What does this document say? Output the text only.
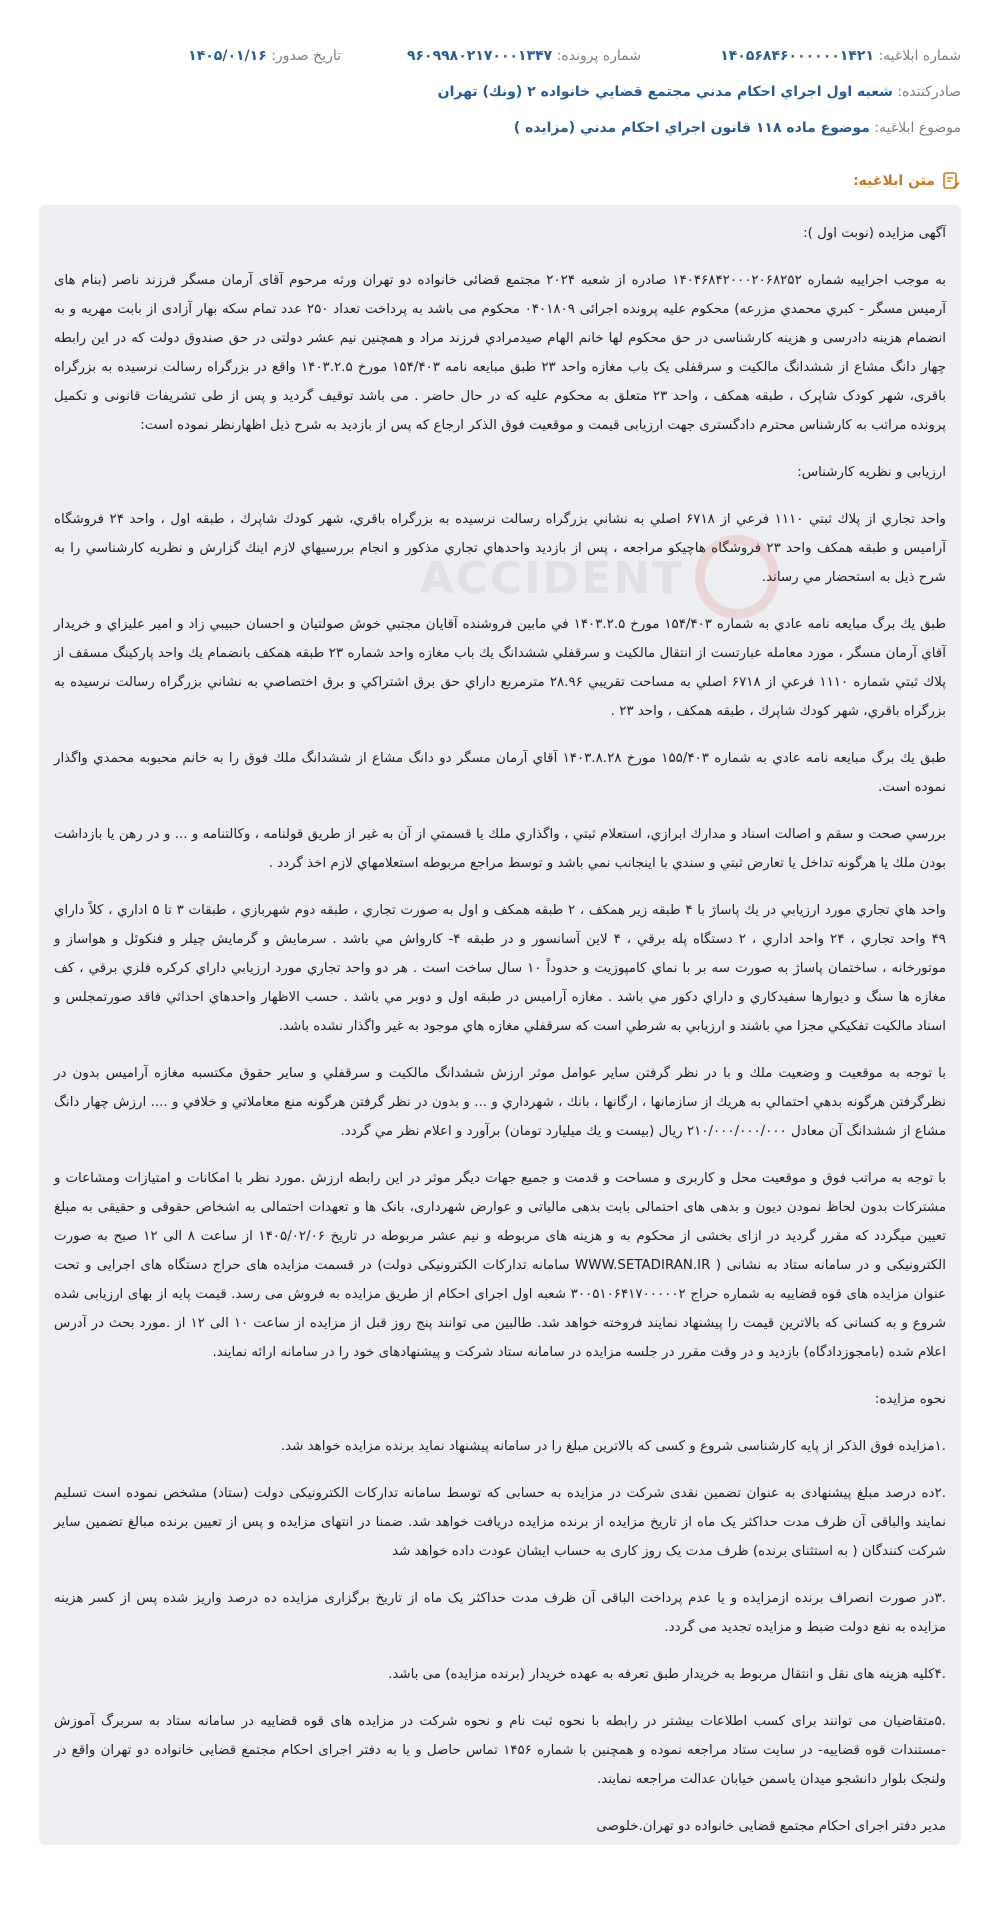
شماره ابلاغیه: ۱۴۰۵۶۸۴۶۰۰۰۰۰۰۱۴۲۱
شماره پرونده: ۹۶۰۹۹۸۰۲۱۷۰۰۰۱۳۴۷
تاریخ صدور: ۱۴۰۵/۰۱/۱۶
صادرکننده: شعبه اول اجراي احكام مدني مجتمع قضايي خانواده ۲ (ونك) تهران
موضوع ابلاغیه: موضوع ماده ۱۱۸ قانون اجراي احكام مدني (مزايده )
متن ابلاغیه:
ACCIDENT

آگهی مزایده (نوبت اول ):

به موجب اجراییه شماره ۱۴۰۴۶۸۴۲۰۰۰۲۰۶۸۲۵۲ صادره از شعبه ۲۰۲۴ مجتمع قضائی خانواده دو تهران ورثه مرحوم آقای آرمان مسگر فرزند ناصر (بنام های آرمیس مسگر - كبري محمدي مزرعه) محکوم علیه پرونده اجرائی ۰۴۰۱۸۰۹ محکوم می باشد به پرداخت تعداد ۲۵۰ عدد تمام سکه بهار آزادی از بابت مهریه و به انضمام هزینه دادرسی و هزینه کارشناسی در حق محكوم لها خانم الهام صيدمرادي فرزند مراد و همچنین نیم عشر دولتی در حق صندوق دولت که در این رابطه چهار دانگ مشاع از ششدانگ مالکیت و سرقفلی یک باب مغازه واحد ۲۳ طبق مبایعه نامه ۱۵۴/۴۰۳ مورخ ۱۴۰۳.۲.۵ واقع در بزرگراه رسالت نرسیده به بزرگراه باقری، شهر کودک شاپرک ، طبقه همکف ، واحد ۲۳ متعلق به محکوم علیه که در حال حاضر . می باشد توقیف گردید و پس از طی تشریفات قانونی و تکمیل پرونده مراتب به کارشناس محترم دادگستری جهت ارزیابی قیمت و موقعیت فوق الذکر ارجاع که پس از بازدید به شرح ذیل اظهارنظر نموده است:

ارزیابی و نظریه کارشناس:

واحد تجاري از پلاك ثبتي ۱۱۱۰ فرعي از ۶۷۱۸ اصلي به نشاني بزرگراه رسالت نرسيده به بزرگراه باقري، شهر كودك شاپرك ، طبقه اول ، واحد ۲۴ فروشگاه آراميس و طبقه همكف واحد ۲۳ فروشگاه هاچيكو مراجعه ، پس از بازديد واحدهاي تجاري مذكور و انجام بررسيهاي لازم اينك گزارش و نظريه كارشناسي را به شرح ذيل به استحضار مي رساند.

طبق يك برگ مبايعه نامه عادي به شماره ۱۵۴/۴۰۳ مورخ ۱۴۰۳.۲.۵ في مابين فروشنده آقايان مجتبي خوش صولتيان و احسان حبيبي زاد و امير عليزاي و خريدار آقاي آرمان مسگر ، مورد معامله عبارتست از انتقال مالكيت و سرقفلي ششدانگ يك باب مغازه واحد شماره ۲۳ طبقه همكف بانضمام يك واحد پاركينگ مسقف از پلاك ثبتي شماره ۱۱۱۰ فرعي از ۶۷۱۸ اصلي به مساحت تقريبي ۲۸.۹۶ مترمربع داراي حق برق اشتراكي و برق اختصاصي به نشاني بزرگراه رسالت نرسيده به بزرگراه باقري، شهر كودك شاپرك ، طبقه همكف ، واحد ۲۳ .

طبق يك برگ مبايعه نامه عادي به شماره ۱۵۵/۴۰۳ مورخ ۱۴۰۳.۸.۲۸ آقاي آرمان مسگر دو دانگ مشاع از ششدانگ ملك فوق را به خانم محبوبه محمدي واگذار نموده است.

بررسي صحت و سقم و اصالت اسناد و مدارك ابرازي، استعلام ثبتي ، واگذاري ملك يا قسمتي از آن به غير از طريق قولنامه ، وكالتنامه و ... و در رهن يا بازداشت بودن ملك يا هرگونه تداخل يا تعارض ثبتي و سندي با اينجانب نمي باشد و توسط مراجع مربوطه استعلامهاي لازم اخذ گردد .

واحد هاي تجاري مورد ارزيابي در يك پاساژ با ۴ طبقه زير همكف ، ۲ طبقه همكف و اول به صورت تجاري ، طبقه دوم شهربازي ، طبقات ۳ تا ۵ اداري ، كلاً داراي ۴۹ واحد تجاري ، ۲۴ واحد اداري ، ۲ دستگاه پله برقي ، ۴ لاين آسانسور و در طبقه ۴- كارواش مي باشد . سرمايش و گرمايش چيلر و فنكوئل و هواساز و موتورخانه ، ساختمان پاساژ به صورت سه بر با نماي كامپوزيت و حدوداً ۱۰ سال ساخت است . هر دو واحد تجاري مورد ارزيابي داراي كركره فلزي برقي ، كف مغازه ها سنگ و ديوارها سفيدكاري و داراي دكور مي باشد . مغازه آراميس در طبقه اول و دوبر مي باشد . حسب الاظهار واحدهاي احداثي فاقد صورتمجلس و اسناد مالكيت تفكيكي مجزا مي باشند و ارزيابي به شرطي است كه سرقفلي مغازه هاي موجود به غير واگذار نشده باشد.

با توجه به موقعيت و وضعيت ملك و با در نظر گرفتن ساير عوامل موثر ارزش ششدانگ مالكيت و سرقفلي و ساير حقوق مكتسبه مغازه آراميس بدون در نظرگرفتن هرگونه بدهي احتمالي به هريك از سازمانها ، ارگانها ، بانك ، شهرداري و ... و بدون در نظر گرفتن هرگونه منع معاملاتي و خلافي و .... ارزش چهار دانگ مشاع از ششدانگ آن معادل ۲۱۰/۰۰۰/۰۰۰/۰۰۰ ريال (بيست و يك ميليارد تومان) برآورد و اعلام نظر مي گردد.

با توجه به مراتب فوق و موقعیت محل و کاربری و مساحت و قدمت و جمیع جهات دیگر موثر در این رابطه ارزش .مورد نظر با امکانات و امتیازات ومشاعات و مشترکات بدون لحاظ نمودن دیون و بدهی های احتمالی بابت بدهی مالیاتی و عوارض شهرداری، بانک ها و تعهدات احتمالی به اشخاص حقوقی و حقیقی به مبلغ تعیین میگردد که مقرر گردید در ازای بخشی از محکوم به و هزینه های مربوطه و نیم عشر مربوطه در تاریخ ۱۴۰۵/۰۲/۰۶ از ساعت ۸ الی ۱۲ صبح به صورت الکترونیکی و در سامانه ستاد به نشانی ( WWW.SETADIRAN.IR سامانه تدارکات الکترونیکی دولت) در قسمت مزایده های حراج دستگاه های اجرایی و تحت عنوان مزایده های قوه قضاییه به شماره حراج ۳۰۰۵۱۰۶۴۱۷۰۰۰۰۰۲ شعبه اول اجرای احکام از طریق مزایده به فروش می رسد. قیمت پایه از بهای ارزیابی شده شروع و به کسانی که بالاترین قیمت را پیشنهاد نمایند فروخته خواهد شد. طالبین می توانند پنج روز قبل از مزایده از ساعت ۱۰ الی ۱۲ از .مورد بحث در آدرس اعلام شده (بامجوزدادگاه) بازدید و در وقت مقرر در جلسه مزایده در سامانه ستاد شرکت و پیشنهادهای خود را در سامانه ارائه نمایند.

نحوه مزایده:

.۱مزایده فوق الذکر از پایه کارشناسی شروع و کسی که بالاترین مبلغ را در سامانه پیشنهاد نماید برنده مزایده خواهد شد.

.۲ده درصد مبلغ پیشنهادی به عنوان تضمین نقدی شرکت در مزایده به حسابی که توسط سامانه تدارکات الکترونیکی دولت (ستاد) مشخص نموده است تسلیم نمایند والباقی آن ظرف مدت حداکثر یک ماه از تاریخ مزایده از برنده مزایده دریافت خواهد شد. ضمنا در انتهای مزایده و پس از تعیین برنده مبالغ تضمین سایر شرکت کنندگان ( به استثنای برنده) ظرف مدت یک روز کاری به حساب ایشان عودت داده خواهد شد

.۳در صورت انصراف برنده ازمزایده و یا عدم پرداخت الباقی آن ظرف مدت حداکثر یک ماه از تاریخ برگزاری مزایده ده درصد واریز شده پس از کسر هزینه مزایده به نفع دولت ضبط و مزایده تجدید می گردد.

.۴کلیه هزینه های نقل و انتقال مربوط به خریدار طبق تعرفه به عهده خریدار (برنده مزایده) می باشد.

.۵متقاضیان می توانند برای کسب اطلاعات بیشتر در رابطه با نحوه ثبت نام و نحوه شرکت در مزایده های قوه قضاییه در سامانه ستاد به سربرگ آموزش -مستندات قوه قضاییه- در سایت ستاد مراجعه نموده و همچنین با شماره ۱۴۵۶ تماس حاصل و یا به دفتر اجرای احکام مجتمع قضایی خانواده دو تهران واقع در ولنجک بلوار دانشجو میدان یاسمن خیابان عدالت مراجعه نمایند.

مدیر دفتر اجرای احکام مجتمع قضایی خانواده دو تهران.خلوصی
